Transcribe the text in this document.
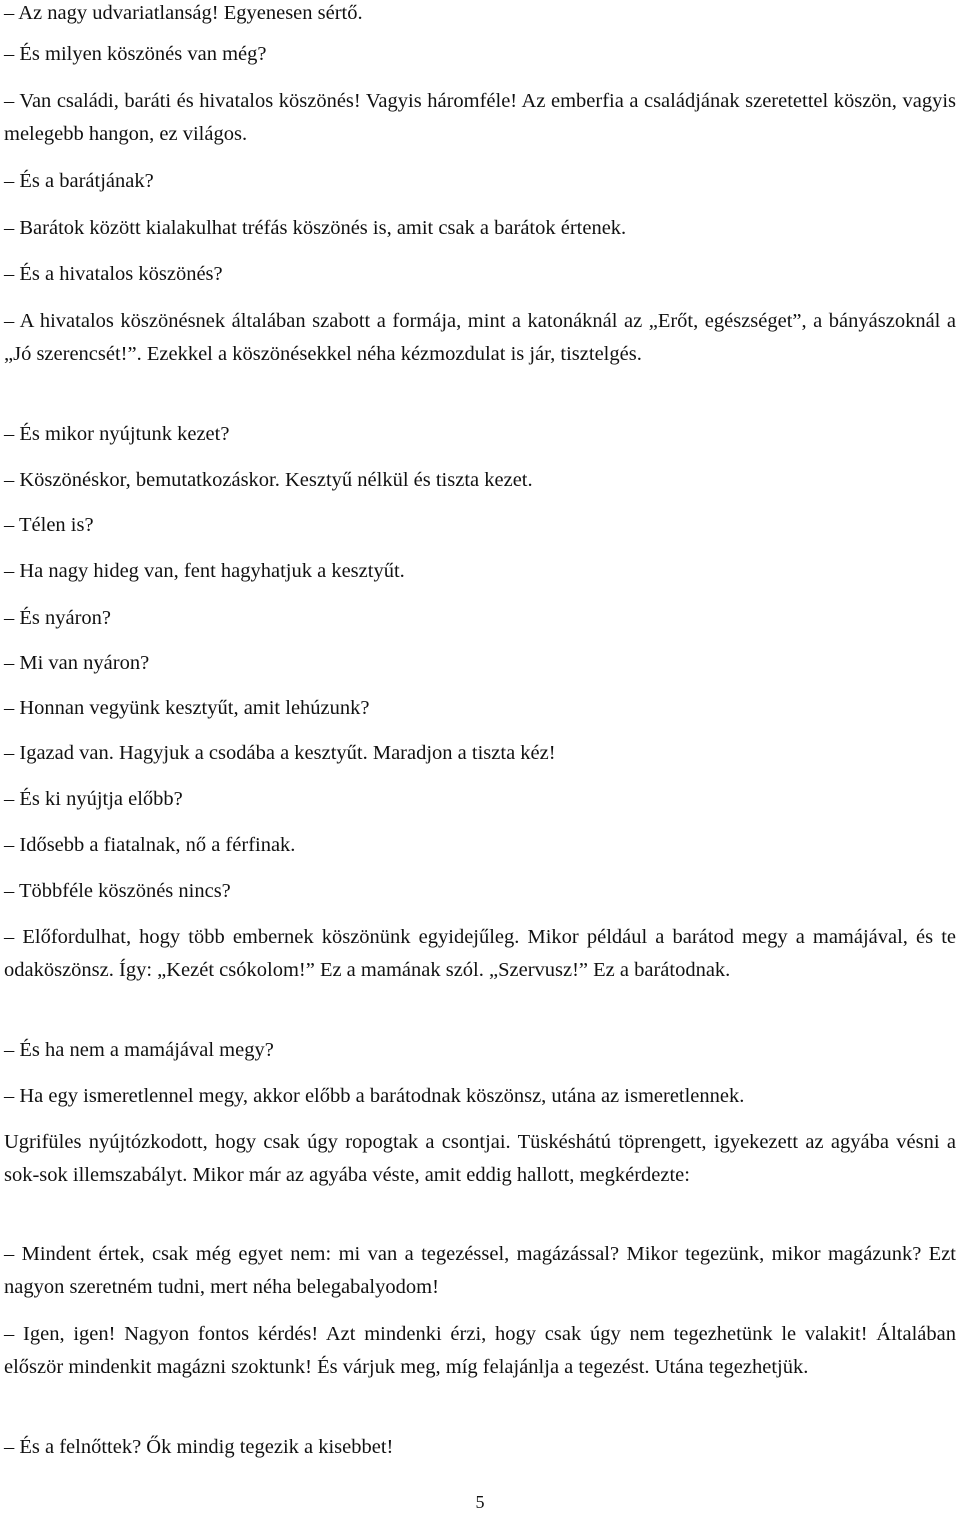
– Az nagy udvariatlanság! Egyenesen sértő.

– És milyen köszönés van még?

– Van családi, baráti és hivatalos köszönés! Vagyis háromféle! Az emberfia a családjának szeretettel köszön, vagyis melegebb hangon, ez világos.

– És a barátjának?

– Barátok között kialakulhat tréfás köszönés is, amit csak a barátok értenek.

– És a hivatalos köszönés?

– A hivatalos köszönésnek általában szabott a formája, mint a katonáknál az „Erőt, egészséget”, a bányászoknál a „Jó szerencsét!”. Ezekkel a köszönésekkel néha kézmozdulat is jár, tisztelgés.

– És mikor nyújtunk kezet?

– Köszönéskor, bemutatkozáskor. Kesztyű nélkül és tiszta kezet.

– Télen is?

– Ha nagy hideg van, fent hagyhatjuk a kesztyűt.

– És nyáron?

– Mi van nyáron?

– Honnan vegyünk kesztyűt, amit lehúzunk?

– Igazad van. Hagyjuk a csodába a kesztyűt. Maradjon a tiszta kéz!

– És ki nyújtja előbb?

– Idősebb a fiatalnak, nő a férfinak.

– Többféle köszönés nincs?

– Előfordulhat, hogy több embernek köszönünk egyidejűleg. Mikor például a barátod megy a mamájával, és te odaköszönsz. Így: „Kezét csókolom!” Ez a mamának szól. „Szervusz!” Ez a barátodnak.

– És ha nem a mamájával megy?

– Ha egy ismeretlennel megy, akkor előbb a barátodnak köszönsz, utána az ismeretlennek.

Ugrifüles nyújtózkodott, hogy csak úgy ropogtak a csontjai. Tüskéshátú töprengett, igyekezett az agyába vésni a sok-sok illemszabályt. Mikor már az agyába véste, amit eddig hallott, megkérdezte:

– Mindent értek, csak még egyet nem: mi van a tegezéssel, magázással? Mikor tegezünk, mikor magázunk? Ezt nagyon szeretném tudni, mert néha belegabalyodom!

– Igen, igen! Nagyon fontos kérdés! Azt mindenki érzi, hogy csak úgy nem tegezhetünk le valakit! Általában először mindenkit magázni szoktunk! És várjuk meg, míg felajánlja a tegezést. Utána tegezhetjük.

– És a felnőttek? Ők mindig tegezik a kisebbet!

5
